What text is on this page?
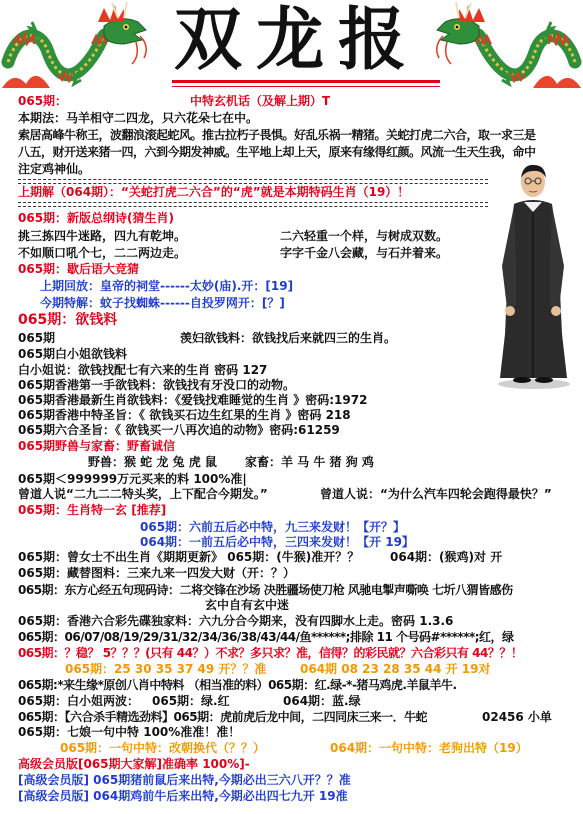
双龙报
065期：	中特玄机话（及解上期）T
本期法：马羊相守二四龙，只六花朵七在中。
索居高峰牛称王，波翻浪滚起蛇风。推古拉朽子畏惧。好乱乐祸一精猪。关蛇打虎二六合，取一求三是
八五，财开送来猪一四，六到今期发神威。生平地上却上天，原来有缘得红颜。风流一生天生我，命中
注定鸡神仙。
上期解（064期）：“关蛇打虎二六合”的“虎”就是本期特码生肖（19）！
065期：新版总纲诗(猜生肖)
挑三拣四牛迷路，四九有乾坤。	二六轻重一个样，与树成双数。
不如顺口吼个七，二二两边走。	字字千金八会藏，与石并着来。
065期：歇后语大竞猜
上期回放：皇帝的祠堂------太妙(庙).开：[19]
今期特解：蚊子找蜘蛛------自投罗网开：[？]
065期：欲钱料
065期	羡妇欲钱料：欲钱找后来就四三的生肖。
065期白小姐欲钱料
白小姐说：欲钱找配七有六来的生肖 密码 127
065期香港第一手欲钱料：欲钱找有牙没口的动物。
065期香港最新生肖欲钱料：《爱钱找难睡觉的生肖 》密码:1972
065期香港中特圣旨：《 欲钱买石边生红果的生肖 》密码 218
065期六合圣旨：《 欲钱买一八再次追的动物》密码:61259
065期野兽与家畜：野畜诚信
野兽：猴 蛇 龙 兔 虎 鼠 家畜：羊 马 牛 猪 狗 鸡
065期＜999999万元买来的料 100%准|
曾道人说“二九二二特头奖，上下配合今期发。”	曾道人说：“为什么汽车四轮会跑得最快？”
065期：生肖特一玄 [推荐]
065期：六前五后必中特，九三来发财！【开？】
064期：一前五后必中特，三四来发财！【开 19】
065期：曾女士不出生肖《期期更新》 065期：(牛猴)准开？？	064期：(猴鸡)对 开
065期：藏替图料：三来九来一四发大财（开：？）
065期：东方心经五句现码诗：二将交锋在沙场 决胜疆场使刀枪 风驰电掣声嘶唤 七圻八猬皆感伤
玄中自有玄中迷
065期：香港六合彩先碟独家料：六九分合今期来，没有四脚水上走。密码 1.3.6
065期：06/07/08/19/29/31/32/34/36/38/43/44/鱼******;排除 11 个号码#******;红，绿
065期：？稳？ 5？？？(只有 44？）不求？多只求？准，信得？的彩民就？六合彩只有 44？？！
065期：25 30 35 37 49 开？？准	064期 08 23 28 35 44 开 19对
065期:*来生缘*原创八肖中特料 （相当准的料）065期：红.绿-*-猪马鸡虎.羊鼠羊牛.
065期：白小姐两波： 065期：绿.红	064期：蓝.绿
065期：【六合杀手精选劲料】065期：虎前虎后龙中间，二四同床三来一．牛蛇	02456 小单
065期：七娘一句中特 100%准准！准！
065期：一句中特：改朝换代（？？）	064期：一句中特：老狗出特（19）
高级会员版[065期大家解]准确率 100%]-
[高级会员版] 065期猪前鼠后来出特,今期必出三六八开？？准
[高级会员版] 064期鸡前牛后来出特,今期必出四七九开 19准
